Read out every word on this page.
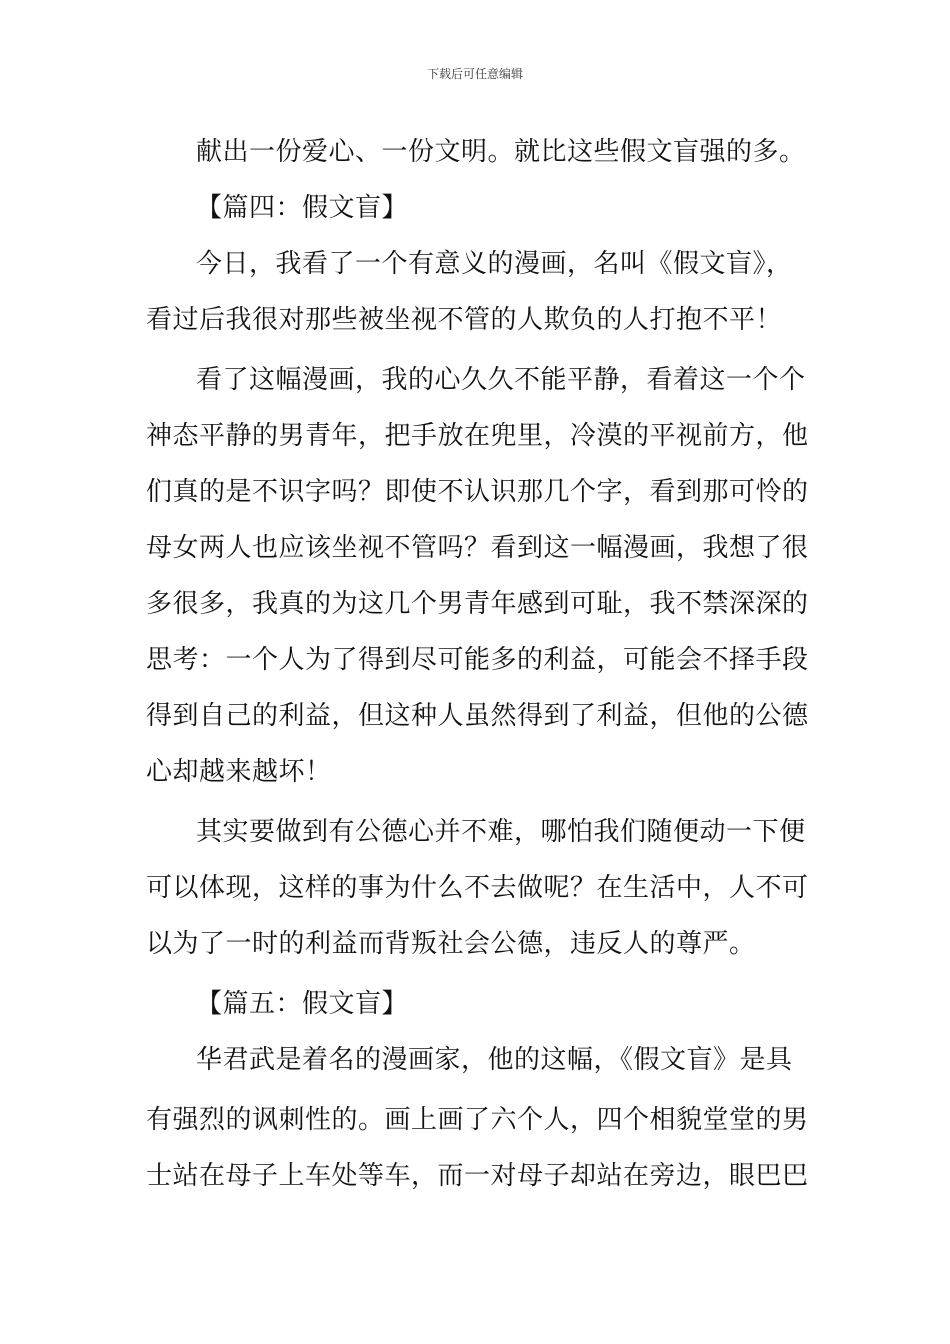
下载后可任意编辑
献出一份爱心、一份文明。就比这些假文盲强的多。
【篇四：假文盲】
今日，我看了一个有意义的漫画，名叫《假文盲》，
看过后我很对那些被坐视不管的人欺负的人打抱不平！
看了这幅漫画，我的心久久不能平静，看着这一个个
神态平静的男青年，把手放在兜里，冷漠的平视前方，他
们真的是不识字吗？即使不认识那几个字，看到那可怜的
母女两人也应该坐视不管吗？看到这一幅漫画，我想了很
多很多，我真的为这几个男青年感到可耻，我不禁深深的
思考：一个人为了得到尽可能多的利益，可能会不择手段
得到自己的利益，但这种人虽然得到了利益，但他的公德
心却越来越坏！
其实要做到有公德心并不难，哪怕我们随便动一下便
可以体现，这样的事为什么不去做呢？在生活中，人不可
以为了一时的利益而背叛社会公德，违反人的尊严。
【篇五：假文盲】
华君武是着名的漫画家，他的这幅，《假文盲》是具
有强烈的讽刺性的。画上画了六个人，四个相貌堂堂的男
士站在母子上车处等车，而一对母子却站在旁边，眼巴巴
